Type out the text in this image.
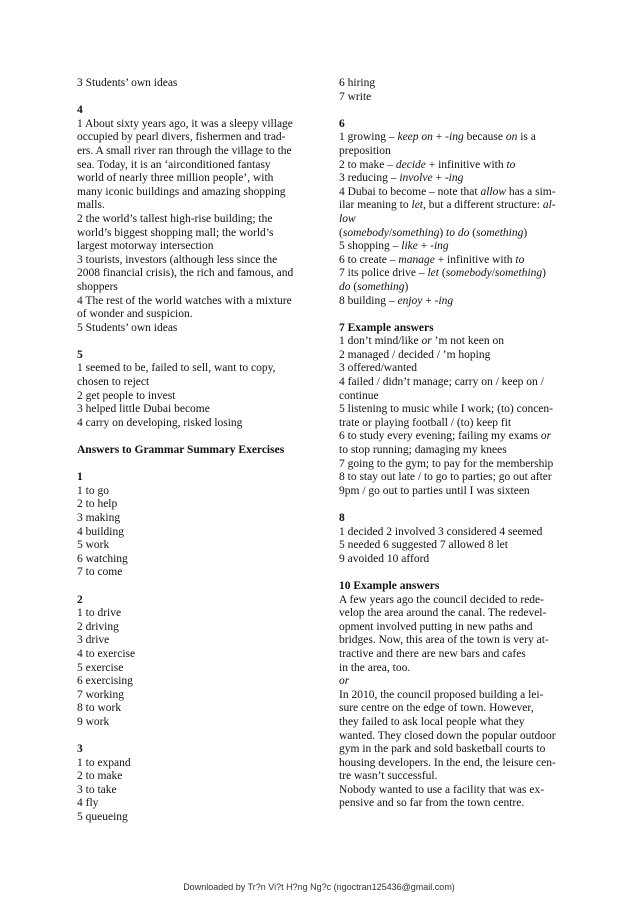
3 Students’ own ideas

4

1 About sixty years ago, it was a sleepy village

occupied by pearl divers, fishermen and trad-

ers. A small river ran through the village to the

sea. Today, it is an ‘airconditioned fantasy

world of nearly three million people’, with

many iconic buildings and amazing shopping

malls.

2 the world’s tallest high-rise building; the

world’s biggest shopping mall; the world’s

largest motorway intersection

3 tourists, investors (although less since the

2008 financial crisis), the rich and famous, and

shoppers

4 The rest of the world watches with a mixture

of wonder and suspicion.

5 Students’ own ideas

5

1 seemed to be, failed to sell, want to copy,

chosen to reject

2 get people to invest

3 helped little Dubai become

4 carry on developing, risked losing

Answers to Grammar Summary Exercises

1

1 to go

2 to help

3 making

4 building

5 work

6 watching

7 to come

2

1 to drive

2 driving

3 drive

4 to exercise

5 exercise

6 exercising

7 working

8 to work

9 work

3

1 to expand

2 to make

3 to take

4 fly

5 queueing

6 hiring

7 write

6

1 growing – keep on + -ing because on is a

preposition

2 to make – decide + infinitive with to

3 reducing – involve + -ing

4 Dubai to become – note that allow has a sim-

ilar meaning to let, but a different structure: al-

low

(somebody/something) to do (something)

5 shopping – like + -ing

6 to create – manage + infinitive with to

7 its police drive – let (somebody/something)

do (something)

8 building – enjoy + -ing

7 Example answers

1 don’t mind/like or ’m not keen on

2 managed / decided / ’m hoping

3 offered/wanted

4 failed / didn’t manage; carry on / keep on /

continue

5 listening to music while I work; (to) concen-

trate or playing football / (to) keep fit

6 to study every evening; failing my exams or

to stop running; damaging my knees

7 going to the gym; to pay for the membership

8 to stay out late / to go to parties; go out after

9pm / go out to parties until I was sixteen

8

1 decided 2 involved 3 considered 4 seemed

5 needed 6 suggested 7 allowed 8 let

9 avoided 10 afford

10 Example answers

A few years ago the council decided to rede-

velop the area around the canal. The redevel-

opment involved putting in new paths and

bridges. Now, this area of the town is very at-

tractive and there are new bars and cafes

in the area, too.

or

In 2010, the council proposed building a lei-

sure centre on the edge of town. However,

they failed to ask local people what they

wanted. They closed down the popular outdoor

gym in the park and sold basketball courts to

housing developers. In the end, the leisure cen-

tre wasn’t successful.

Nobody wanted to use a facility that was ex-

pensive and so far from the town centre.

Downloaded by Tr?n Vi?t H?ng Ng?c (ngoctran125436@gmail.com)
